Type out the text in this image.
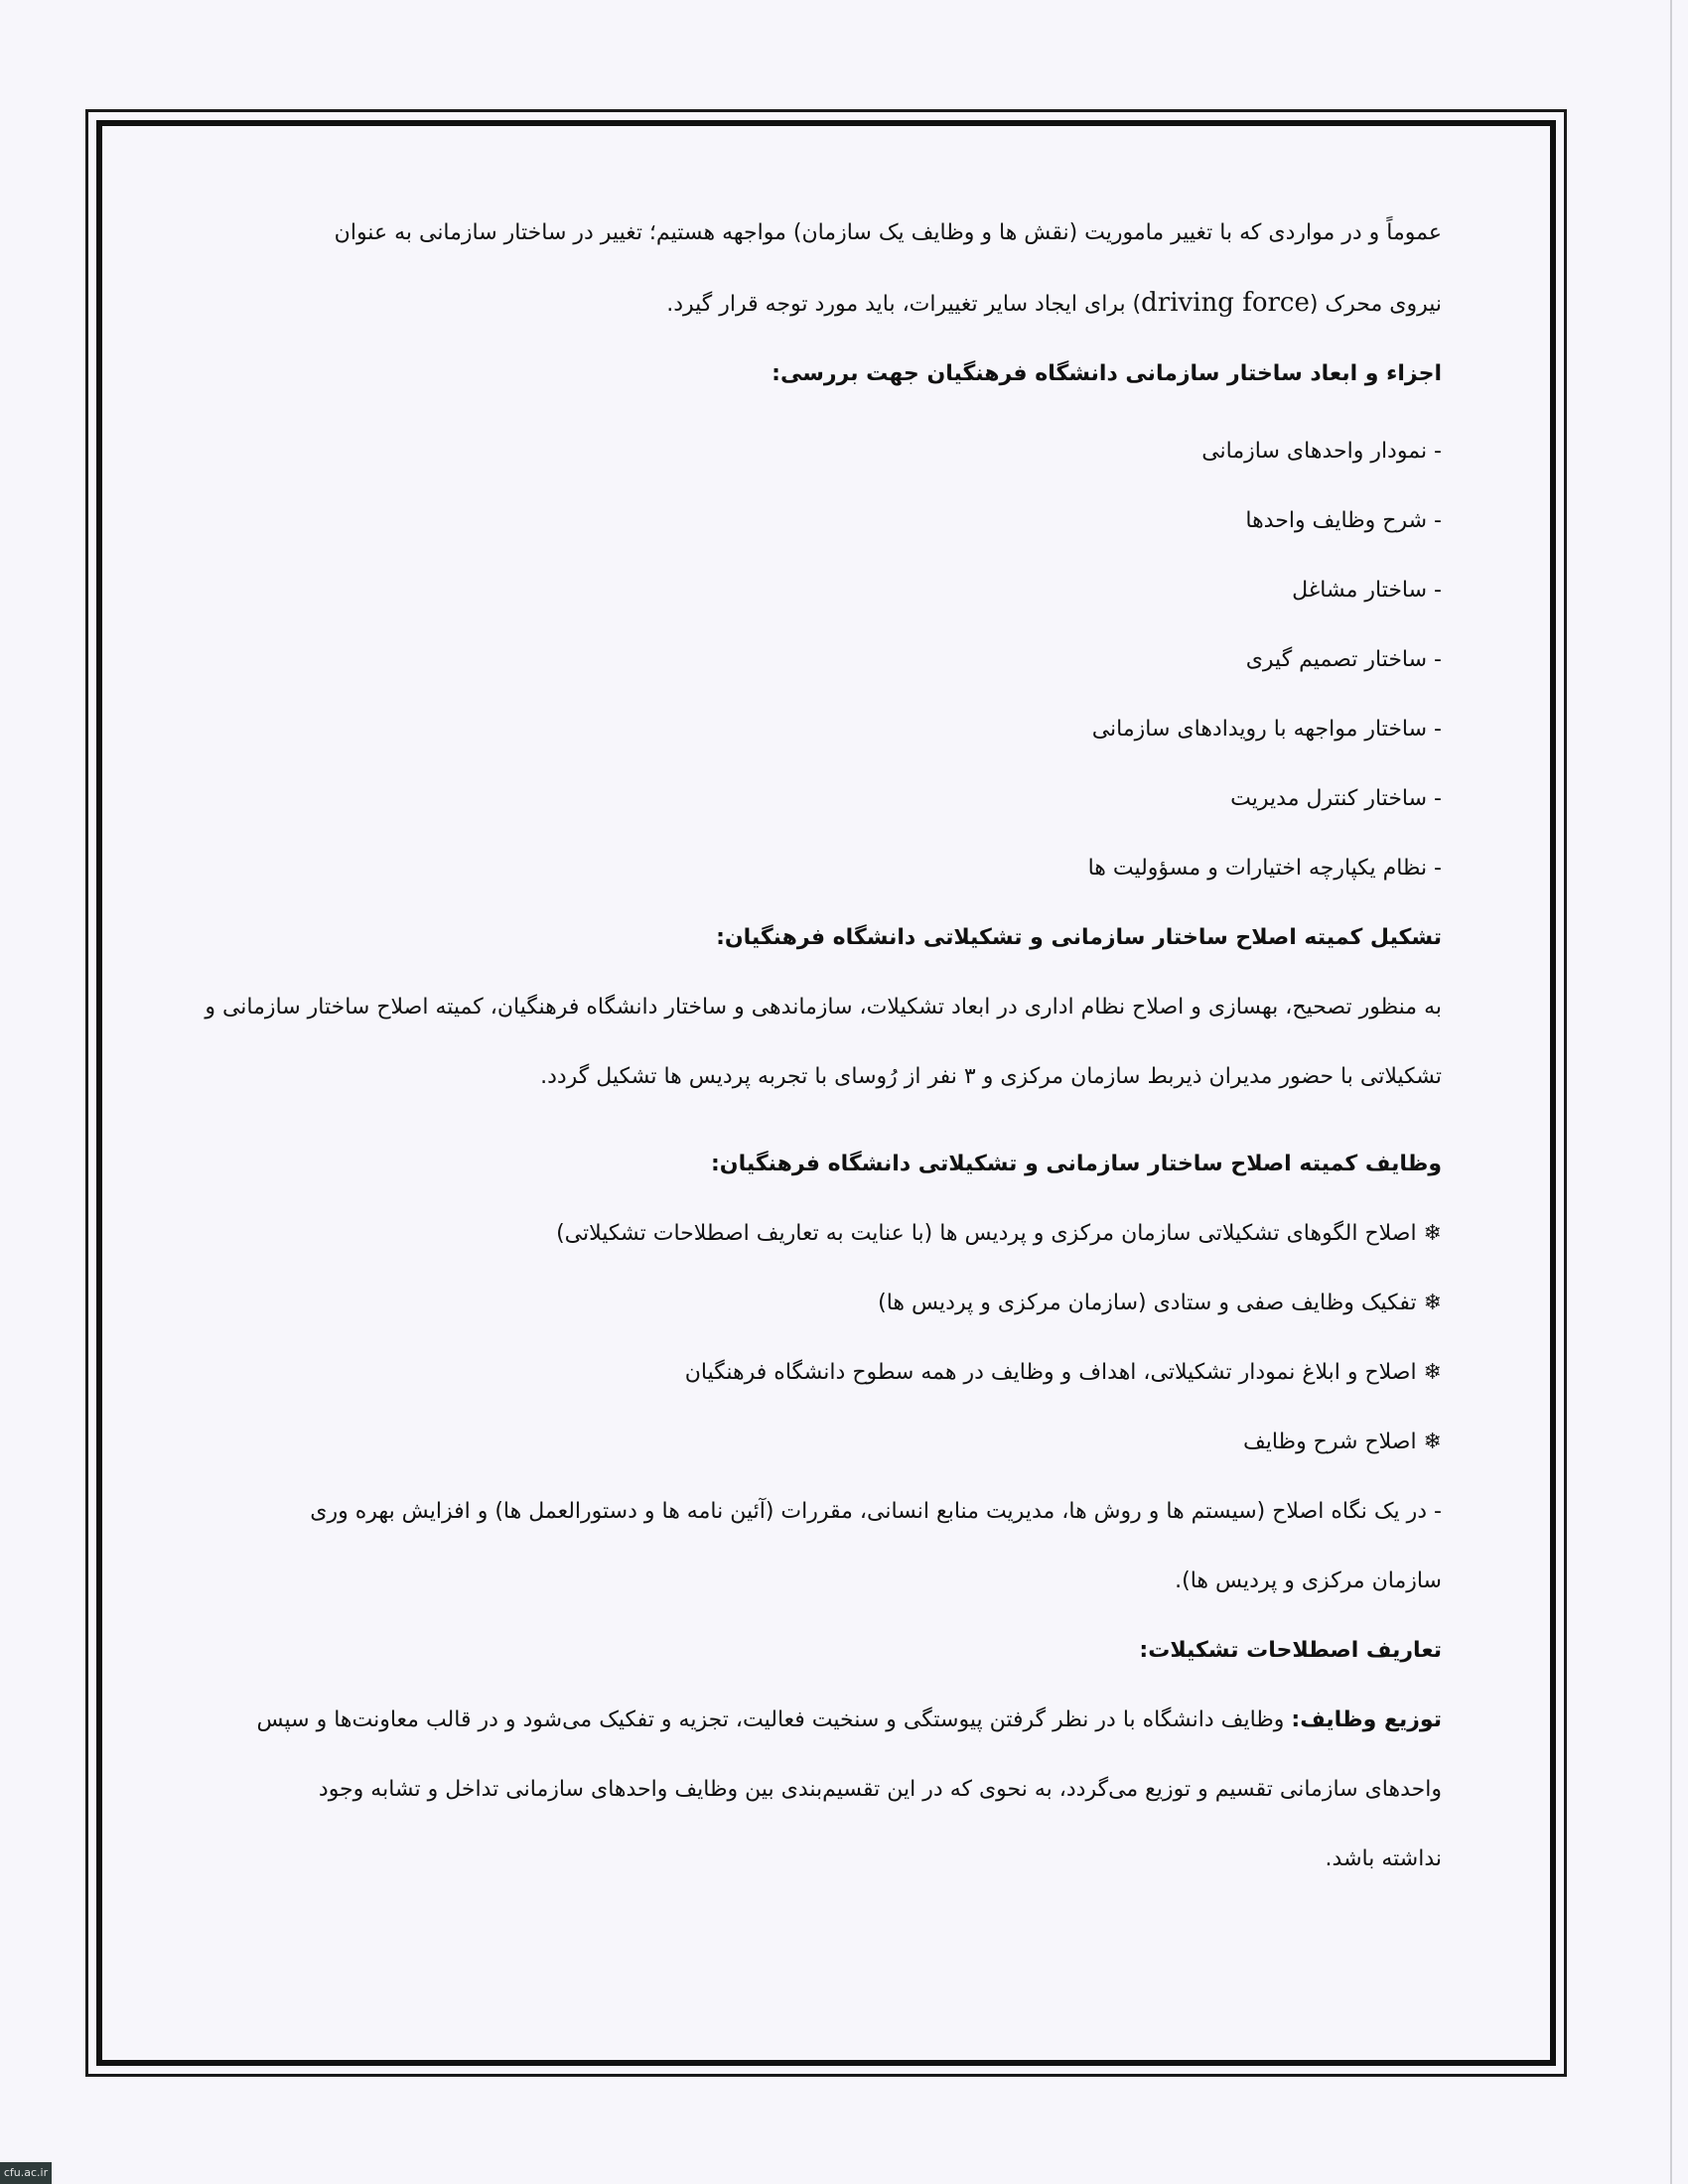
عموماً و در مواردی که با تغییر ماموریت (نقش ها و وظایف یک سازمان) مواجهه هستیم؛ تغییر در ساختار سازمانی به عنوان

نیروی محرک (driving force) برای ایجاد سایر تغییرات، باید مورد توجه قرار گیرد.

اجزاء و ابعاد ساختار سازمانی دانشگاه فرهنگیان جهت بررسی:

- نمودار واحدهای سازمانی

- شرح وظایف واحدها

- ساختار مشاغل

- ساختار تصمیم گیری

- ساختار مواجهه با رویدادهای سازمانی

- ساختار کنترل مدیریت

- نظام یکپارچه اختیارات و مسؤولیت ها

تشکیل کمیته اصلاح ساختار سازمانی و تشکیلاتی دانشگاه فرهنگیان:

به منظور تصحیح، بهسازی و اصلاح نظام اداری در ابعاد تشکیلات، سازماندهی و ساختار دانشگاه فرهنگیان، کمیته اصلاح ساختار سازمانی و

تشکیلاتی با حضور مدیران ذیربط سازمان مرکزی و ۳ نفر از رُوسای با تجربه پردیس ها تشکیل گردد.

وظایف کمیته اصلاح ساختار سازمانی و تشکیلاتی دانشگاه فرهنگیان:

❄ اصلاح الگوهای تشکیلاتی سازمان مرکزی و پردیس ها (با عنایت به تعاریف اصطلاحات تشکیلاتی)

❄ تفکیک وظایف صفی و ستادی (سازمان مرکزی و پردیس ها)

❄ اصلاح و ابلاغ نمودار تشکیلاتی، اهداف و وظایف در همه سطوح دانشگاه فرهنگیان

❄ اصلاح شرح وظایف

- در یک نگاه اصلاح (سیستم ها و روش ها، مدیریت منابع انسانی، مقررات (آئین نامه ها و دستورالعمل ها) و افزایش بهره وری

سازمان مرکزی و پردیس ها).

تعاریف اصطلاحات تشکیلات:

توزیع وظایف: وظایف دانشگاه با در نظر گرفتن پیوستگی و سنخیت فعالیت، تجزیه و تفکیک می‌شود و در قالب معاونت‌ها و سپس

واحدهای سازمانی تقسیم و توزیع می‌گردد، به نحوی که در این تقسیم‌بندی بین وظایف واحدهای سازمانی تداخل و تشابه وجود

نداشته باشد.

cfu.ac.ir
